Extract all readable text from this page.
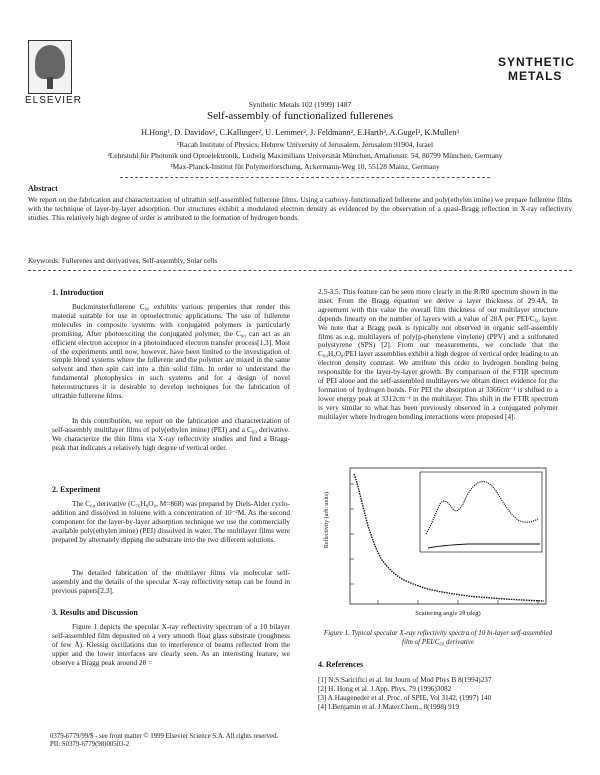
ELSEVIER
SYNTHETIC
METALS
Synthetic Metals 102 (1999) 1487
Self-assembly of functionalized fullerenes
H.Hong¹, D. Davidov¹, C.Kallinger², U. Lemmer², J. Feldmann², E.Harth³, A.Gugel³, K.Mullen³
¹Racah Institute of Physics, Hebrew University of Jerusalem, Jerusalem 91904, Israel
²Lehrstuhl für Photonik und Optoelektronik, Ludwig Maximilians Universität München, Amalienstr. 54, 80799 München, Germany
³Max-Planck-Institut für Polymerforschung, Ackermann-Weg 10, 55128 Mainz, Germany
Abstract
We report on the fabrication and characterization of ultrathin self-assembled fullerene films. Using a carboxy-functionalized fullerene and poly(ethylen imine) we prepare fullerene films with the technique of layer-by-layer adsorption. Our structures exhibit a modulated electron density as evidenced by the observation of a quasi-Bragg reflection in X-ray reflectivity studies. This relatively high degree of order is attributed to the formation of hydrogen bonds.
Keywords: Fullerenes and derivatives, Self-assembly, Solar cells
1. Introduction
Buckminsterfullerene C₆₀ exhibits various properties that render this material suitable for use in optoelectronic applications. The use of fullerene molecules in composite systems with conjugated polymers is particularly promising. After photoexciting the conjugated polymer, the C₆₀ can act as an efficient electron acceptor in a photoinduced electron transfer process[1,3]. Most of the experiments until now, however, have been limited to the investigation of simple blend systems where the fullerene and the polymer are mixed in the same solvent and then spin cast into a thin solid film. In order to understand the fundamental photophysics in such systems and for a design of novel heterostructures it is desirable to develop techniques for the fabrication of ultrathin fullerene films.
In this contribution, we report on the fabrication and characterization of self-assembly multilayer films of poly(ethylen imine) (PEI) and a C₆₀ derivative. We characterize the thin films via X-ray reflectivity studies and find a Bragg-peak that indicates a relatively high degree of vertical order.
2. Experiment
The C₆₀ derivative (C₇₆H₈O₈, M=868) was prepared by Diels-Alder cyclo-addition and dissolved in toluene with a concentration of 10⁻²M. As the second component for the layer-by-layer adsorption technique we use the commercially available poly(ethylen imine) (PEI) dissolved in water. The multilayer films were prepared by alternately dipping the substrate into the two different solutions.
The detailed fabrication of the multilayer films via molecular self-assembly and the details of the specular X-ray reflectivity setup can be found in previous papers[2,3].
3. Results and Discussion
Figure 1 depicts the specular X-ray reflectivity spectrum of a 10 bilayer self-assembled film deposited on a very smooth float glass substrate (roughness of few Å). Kiessig oscillations due to interference of beams reflected from the upper and the lower interfaces are clearly seen. As an interesting feature, we observe a Bragg peak around 2θ =
2.5-3.5. This feature can be seen more clearly in the R/R0 spectrum shown in the inset. From the Bragg equation we derive a layer thickness of 29.4Å. In agreement with this value the overall film thickness of our multilayer structure depends linearly on the number of layers with a value of 28Å per PEI/C₆₀ layer. We note that a Bragg peak is typically not observed in organic self-assembly films as e.g. multilayers of poly(p-phenylene vinylene) (PPV) and a sulfonated polystyrene (SPS) [2]. From our measurements, we conclude that the C₆₀H₈O₈/PEI layer assemblies exhibit a high degree of vertical order leading to an electron density contrast. We attribute this order to hydrogen bonding being responsible for the layer-by-layer growth. By comparison of the FTIR spectrum of PEI alone and the self-assembled multilayers we obtain direct evidence for the formation of hydrogen bonds. For PEI the absorption at 3366cm⁻¹ is shifted to a lower energy peak at 3312cm⁻¹ in the multilayer. This shift in the FTIR spectrum is very similar to what has been previously observed in a conjugated polymer multilayer where hydrogen bonding interactions were proposed [4].
Reflectivity (arb. units)
Scattering angle 2θ (deg)
Figure 1. Typical specular X-ray reflectivity spectra of 10 bi-layer self-assembled film of PEI/C₆₀ derivative
4. References
[1] N.S.Sariciftci et al. Int Journ of Mod Phys B 8(1994)237
[2] H. Hong et al. J.App. Phys. 79 (1996)3082
[3] A.Haugeneder et al. Proc. of SPIE, Vol 3142, (1997) 140
[4] I.Benjamin et al. J.Mater.Chem., 8(1998) 919
0379-6779/99/$ - see front matter © 1999 Elsevier Science S.A. All rights reserved.
PII: S0379-6779(98)00503-2
